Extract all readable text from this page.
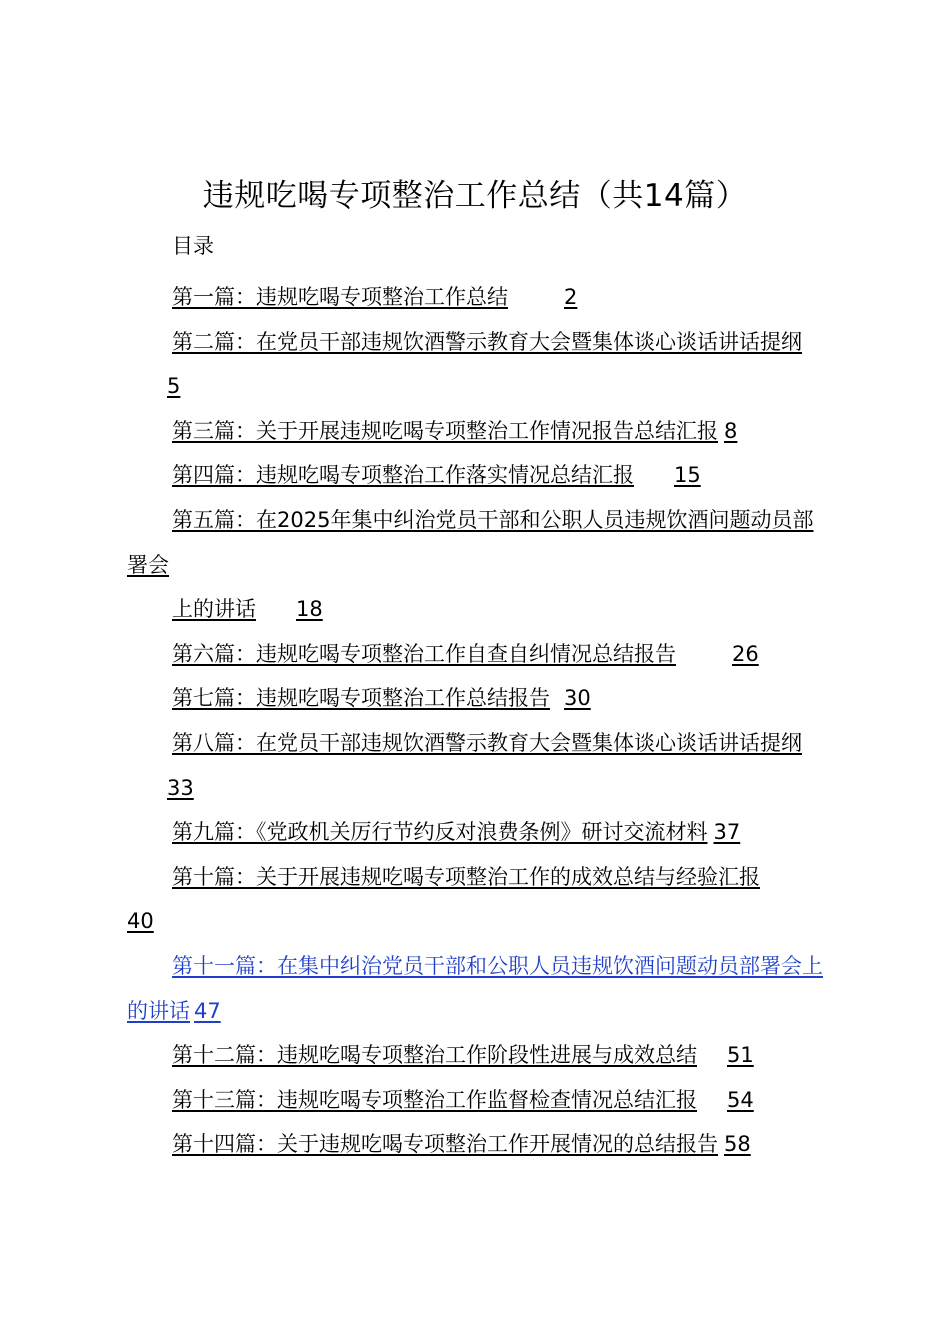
违规吃喝专项整治工作总结（共14篇）
目录
第一篇：违规吃喝专项整治工作总结	2
第二篇：在党员干部违规饮酒警示教育大会暨集体谈心谈话讲话提纲5
第三篇：关于开展违规吃喝专项整治工作情况报告总结汇报 8
第四篇：违规吃喝专项整治工作落实情况总结汇报 15
第五篇：在2025年集中纠治党员干部和公职人员违规饮酒问题动员部署会
上的讲话 18
第六篇：违规吃喝专项整治工作自查自纠情况总结报告	26
第七篇：违规吃喝专项整治工作总结报告 30
第八篇：在党员干部违规饮酒警示教育大会暨集体谈心谈话讲话提纲33
第九篇：《党政机关厉行节约反对浪费条例》研讨交流材料 37
第十篇：关于开展违规吃喝专项整治工作的成效总结与经验汇报40
第十一篇：在集中纠治党员干部和公职人员违规饮酒问题动员部署会上的讲话 47
第十二篇：违规吃喝专项整治工作阶段性进展与成效总结 51
第十三篇：违规吃喝专项整治工作监督检查情况总结汇报 54
第十四篇：关于违规吃喝专项整治工作开展情况的总结报告 58
